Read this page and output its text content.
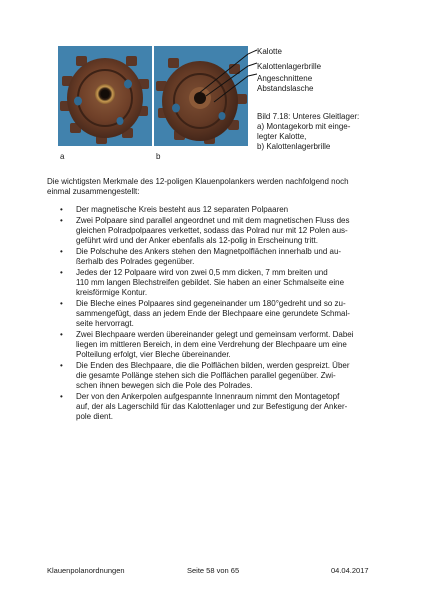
a	b
Kalotte
Kalottenlagerbrille
Angeschnittene
Abstandslasche
Bild 7.18: Unteres Gleitlager:
a) Montagekorb mit einge-
legter Kalotte,
b) Kalottenlagerbrille
Die wichtigsten Merkmale des 12-poligen Klauenpolankers werden nachfolgend noch
einmal zusammengestellt:
• Der magnetische Kreis besteht aus 12 separaten Polpaaren
• Zwei Polpaare sind parallel angeordnet und mit dem magnetischen Fluss des
gleichen Polradpolpaares verkettet, sodass das Polrad nur mit 12 Polen aus-
geführt wird und der Anker ebenfalls als 12-polig in Erscheinung tritt.
• Die Polschuhe des Ankers stehen den Magnetpolflächen innerhalb und au-
ßerhalb des Polrades gegenüber.
• Jedes der 12 Polpaare wird von zwei 0,5 mm dicken, 7 mm breiten und
110 mm langen Blechstreifen gebildet. Sie haben an einer Schmalseite eine
kreisförmige Kontur.
• Die Bleche eines Polpaares sind gegeneinander um 180°gedreht und so zu-
sammengefügt, dass an jedem Ende der Blechpaare eine gerundete Schmal-
seite hervorragt.
• Zwei Blechpaare werden übereinander gelegt und gemeinsam verformt. Dabei
liegen im mittleren Bereich, in dem eine Verdrehung der Blechpaare um eine
Polteilung erfolgt, vier Bleche übereinander.
• Die Enden des Blechpaare, die die Polflächen bilden, werden gespreizt. Über
die gesamte Pollänge stehen sich die Polflächen parallel gegenüber. Zwi-
schen ihnen bewegen sich die Pole des Polrades.
• Der von den Ankerpolen aufgespannte Innenraum nimmt den Montagetopf
auf, der als Lagerschild für das Kalottenlager und zur Befestigung der Anker-
pole dient.
Klauenpolanordnungen	Seite 58 von 65	04.04.2017
